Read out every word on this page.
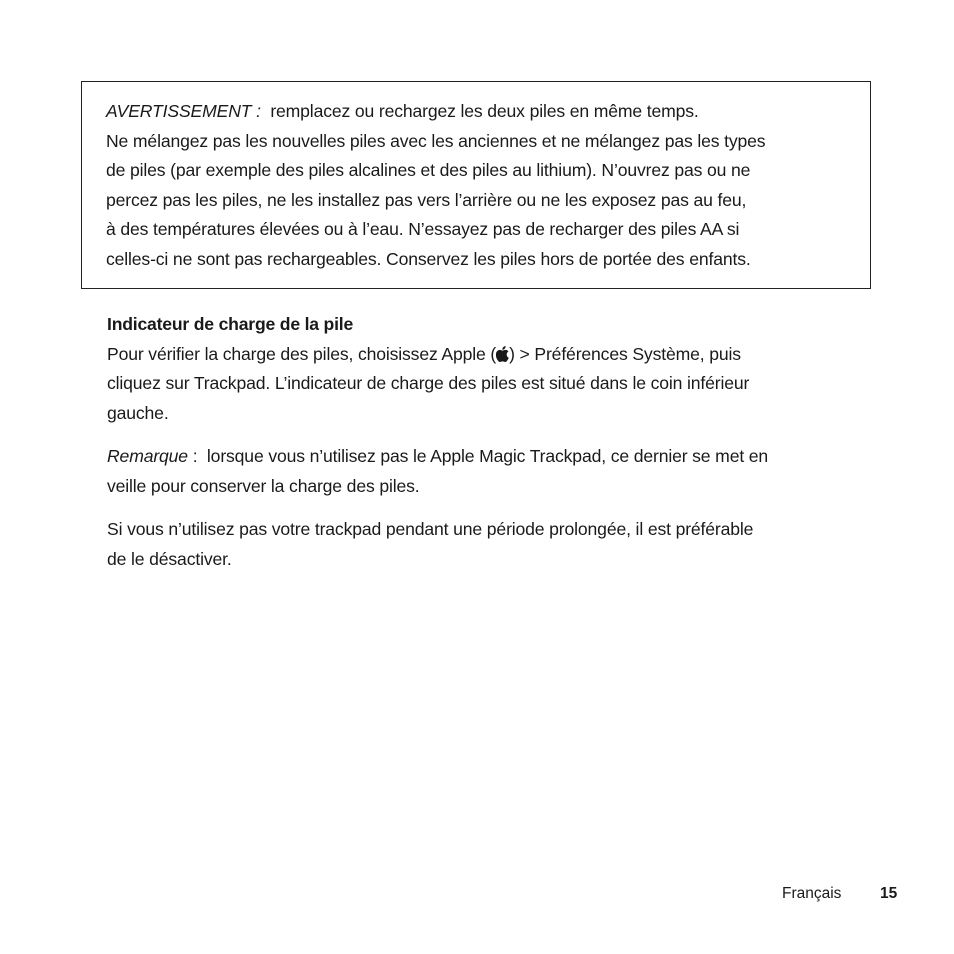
AVERTISSEMENT : remplacez ou rechargez les deux piles en même temps.

Ne mélangez pas les nouvelles piles avec les anciennes et ne mélangez pas les types

de piles (par exemple des piles alcalines et des piles au lithium). N’ouvrez pas ou ne

percez pas les piles, ne les installez pas vers l’arrière ou ne les exposez pas au feu,

à des températures élevées ou à l’eau. N’essayez pas de recharger des piles AA si

celles-ci ne sont pas rechargeables. Conservez les piles hors de portée des enfants.

Indicateur de charge de la pile

Pour vérifier la charge des piles, choisissez Apple ( ) > Préférences Système, puis

cliquez sur Trackpad. L’indicateur de charge des piles est situé dans le coin inférieur

gauche.

Remarque : lorsque vous n’utilisez pas le Apple Magic Trackpad, ce dernier se met en

veille pour conserver la charge des piles.

Si vous n’utilisez pas votre trackpad pendant une période prolongée, il est préférable

de le désactiver.

Français 15
